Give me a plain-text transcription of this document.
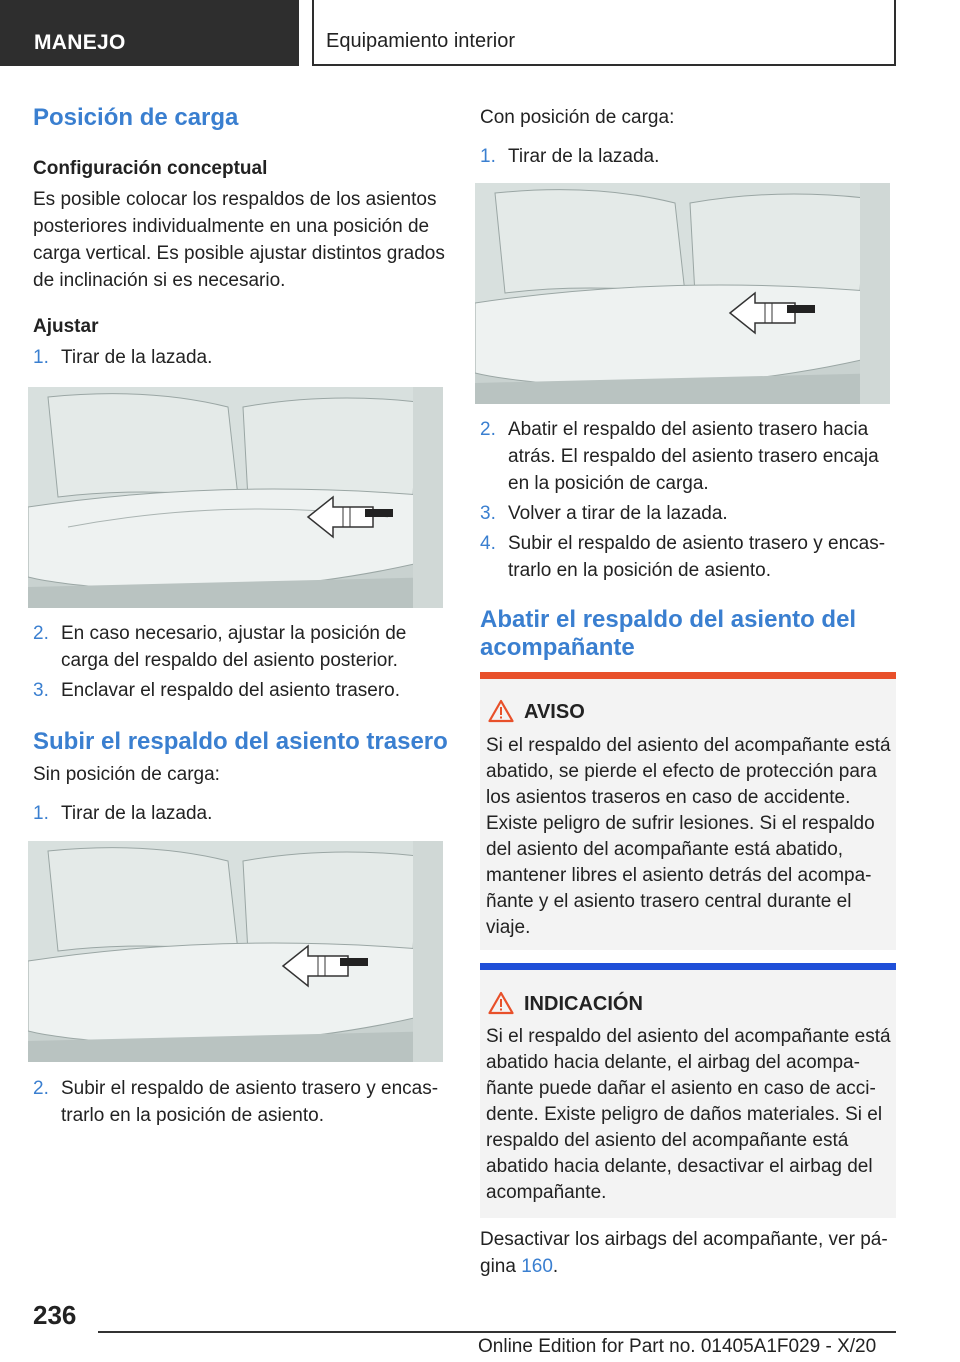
MANEJO	Equipamiento interior
Posición de carga
Configuración conceptual
Es posible colocar los respaldos de los asientos posteriores individualmente en una posición de carga vertical. Es posible ajustar distintos grados de inclinación si es necesario.
Ajustar
1. Tirar de la lazada.
2. En caso necesario, ajustar la posición de carga del respaldo del asiento posterior.
3. Enclavar el respaldo del asiento trasero.
Subir el respaldo del asiento trasero
Sin posición de carga:
1. Tirar de la lazada.
2. Subir el respaldo de asiento trasero y encastrarlo en la posición de asiento.
Con posición de carga:
1. Tirar de la lazada.
2. Abatir el respaldo del asiento trasero hacia atrás. El respaldo del asiento trasero encaja en la posición de carga.
3. Volver a tirar de la lazada.
4. Subir el respaldo de asiento trasero y encastrarlo en la posición de asiento.
Abatir el respaldo del asiento del acompañante
AVISO
Si el respaldo del asiento del acompañante está abatido, se pierde el efecto de protección para los asientos traseros en caso de accidente. Existe peligro de sufrir lesiones. Si el respaldo del asiento del acompañante está abatido, mantener libres el asiento detrás del acompañante y el asiento trasero central durante el viaje.
INDICACIÓN
Si el respaldo del asiento del acompañante está abatido hacia delante, el airbag del acompañante puede dañar el asiento en caso de accidente. Existe peligro de daños materiales. Si el respaldo del asiento del acompañante está abatido hacia delante, desactivar el airbag del acompañante.
Desactivar los airbags del acompañante, ver página 160.
236
Online Edition for Part no. 01405A1F029 - X/20
